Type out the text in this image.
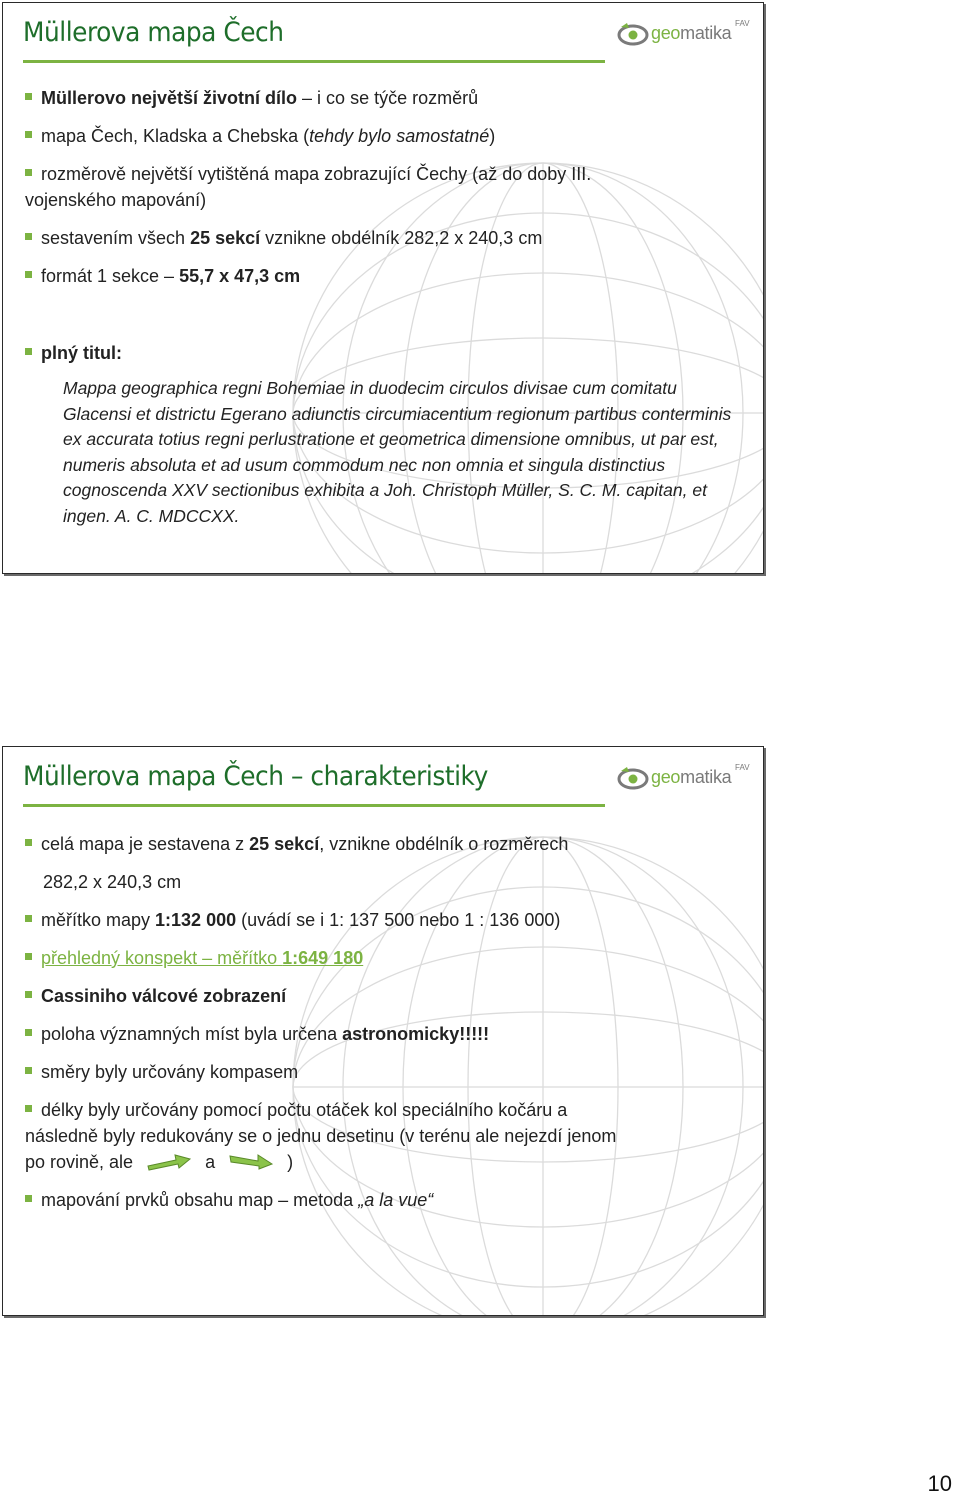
Müllerova mapa Čech	geomatika FAV
Müllerovo největší životní dílo – i co se týče rozměrů
mapa Čech, Kladska a Chebska (tehdy bylo samostatné)
rozměrově největší vytištěná mapa zobrazující Čechy (až do doby III.
vojenského mapování)
sestavením všech 25 sekcí vznikne obdélník 282,2 x 240,3 cm
formát 1 sekce – 55,7 x 47,3 cm
plný titul:
Mappa geographica regni Bohemiae in duodecim circulos divisae cum comitatu Glacensi et districtu Egerano adiunctis circumiacentium regionum partibus conterminis ex accurata totius regni perlustratione et geometrica dimensione omnibus, ut par est, numeris absoluta et ad usum commodum nec non omnia et singula distinctius cognoscenda XXV sectionibus exhibita a Joh. Christoph Müller, S. C. M. capitan, et ingen. A. C. MDCCXX.
Müllerova mapa Čech – charakteristiky	geomatika FAV
celá mapa je sestavena z 25 sekcí, vznikne obdélník o rozměrech
282,2 x 240,3 cm
měřítko mapy 1:132 000 (uvádí se i 1: 137 500 nebo 1 : 136 000)
přehledný konspekt – měřítko 1:649 180
Cassiniho válcové zobrazení
poloha významných míst byla určena astronomicky!!!!!
směry byly určovány kompasem
délky byly určovány pomocí počtu otáček kol speciálního kočáru a
následně byly redukovány se o jednu desetinu (v terénu ale nejezdí jenom
po rovině, ale	a	)
mapování prvků obsahu map – metoda „a la vue“
10
